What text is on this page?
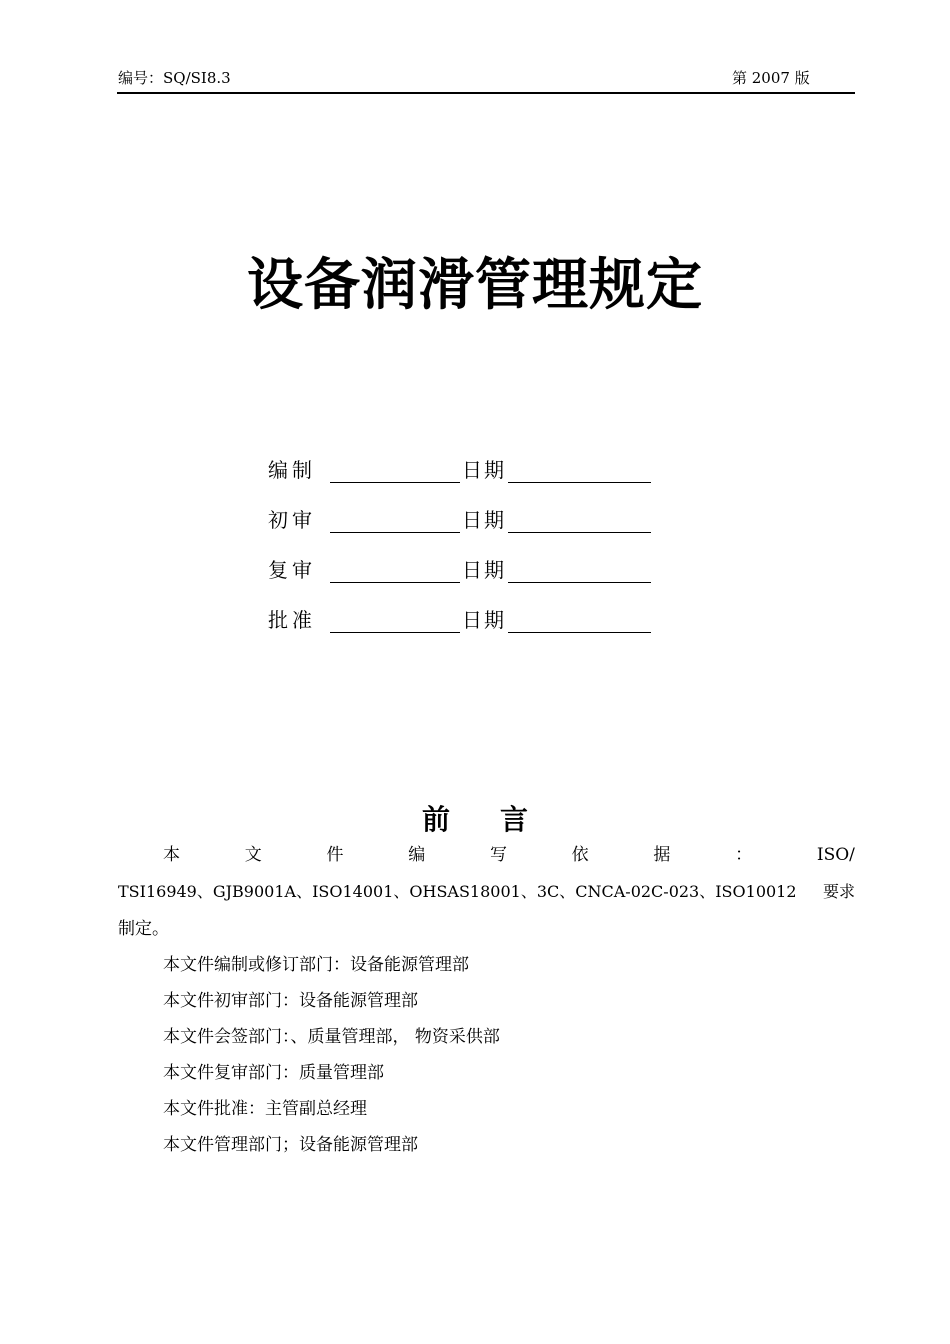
编号：SQ/SI8.3	第 2007 版
设备润滑管理规定
编制	日期
初审	日期
复审	日期
批准	日期
前 言
本	文	件	编	写	依	据	：	ISO/
TSI16949、GJB9001A、ISO14001、OHSAS18001、3C、CNCA-02C-023、ISO10012 要求
制定。
本文件编制或修订部门：设备能源管理部
本文件初审部门：设备能源管理部
本文件会签部门：、质量管理部， 物资采供部
本文件复审部门：质量管理部
本文件批准：主管副总经理
本文件管理部门；设备能源管理部
